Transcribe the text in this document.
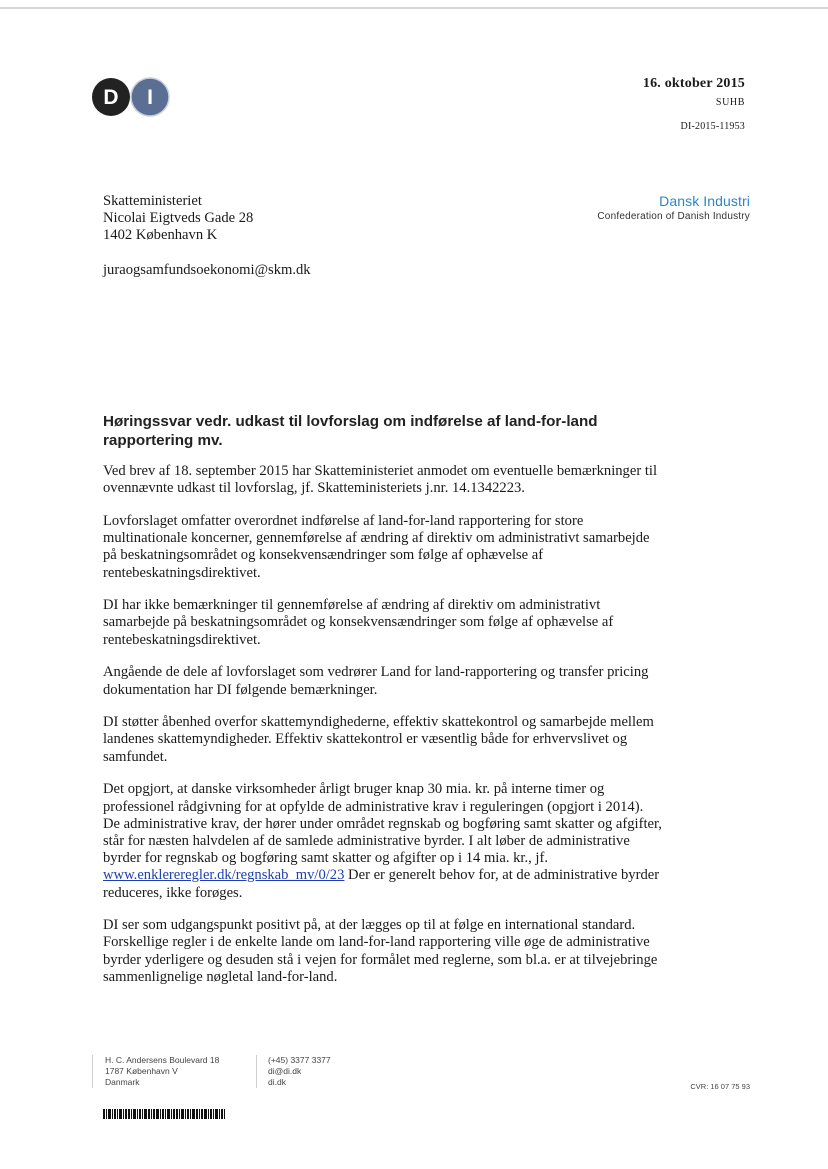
D I
16. oktober 2015
SUHB
DI-2015-11953
Skatteministeriet
Nicolai Eigtveds Gade 28
1402 København K
juraogsamfundsoekonomi@skm.dk
Dansk Industri
Confederation of Danish Industry
Høringssvar vedr. udkast til lovforslag om indførelse af land-for-land rapportering mv.

Ved brev af 18. september 2015 har Skatteministeriet anmodet om eventuelle bemærkninger til ovennævnte udkast til lovforslag, jf. Skatteministeriets j.nr. 14.1342223.

Lovforslaget omfatter overordnet indførelse af land-for-land rapportering for store multinationale koncerner, gennemførelse af ændring af direktiv om administrativt samarbejde på beskatningsområdet og konsekvensændringer som følge af ophævelse af rentebeskatningsdirektivet.

DI har ikke bemærkninger til gennemførelse af ændring af direktiv om administrativt samarbejde på beskatningsområdet og konsekvensændringer som følge af ophævelse af rentebeskatningsdirektivet.

Angående de dele af lovforslaget som vedrører Land for land-rapportering og transfer pricing dokumentation har DI følgende bemærkninger.

DI støtter åbenhed overfor skattemyndighederne, effektiv skattekontrol og samarbejde mellem landenes skattemyndigheder. Effektiv skattekontrol er væsentlig både for erhvervslivet og samfundet.

Det opgjort, at danske virksomheder årligt bruger knap 30 mia. kr. på interne timer og professionel rådgivning for at opfylde de administrative krav i reguleringen (opgjort i 2014). De administrative krav, der hører under området regnskab og bogføring samt skatter og afgifter, står for næsten halvdelen af de samlede administrative byrder. I alt løber de administrative byrder for regnskab og bogføring samt skatter og afgifter op i 14 mia. kr., jf. www.enklereregler.dk/regnskab_mv/0/23 Der er generelt behov for, at de administrative byrder reduceres, ikke forøges.

DI ser som udgangspunkt positivt på, at der lægges op til at følge en international standard. Forskellige regler i de enkelte lande om land-for-land rapportering ville øge de administrative byrder yderligere og desuden stå i vejen for formålet med reglerne, som bl.a. er at tilvejebringe sammenlignelige nøgletal land-for-land.

H. C. Andersens Boulevard 18
1787 København V
Danmark
(+45) 3377 3377
di@di.dk
di.dk	CVR: 16 07 75 93
